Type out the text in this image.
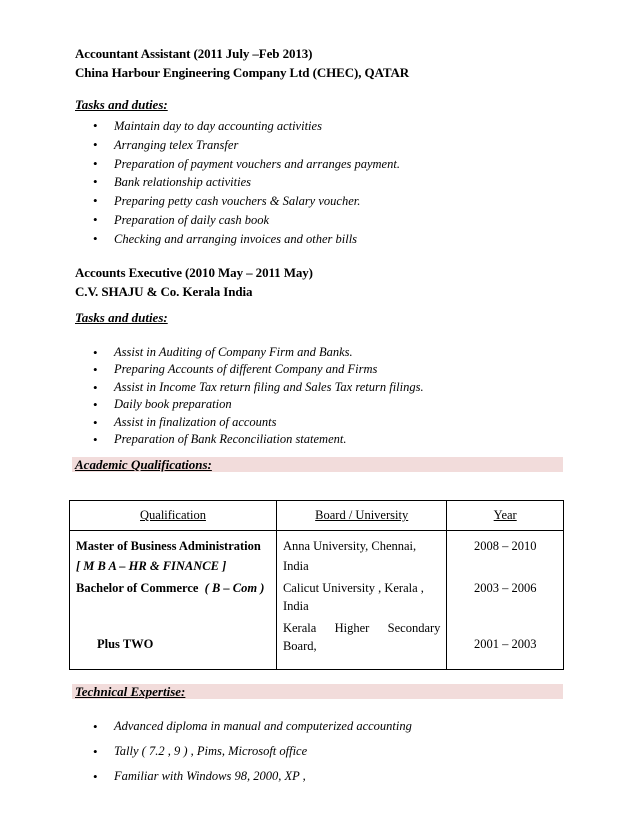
Accountant Assistant (2011 July –Feb 2013)
China Harbour Engineering Company Ltd (CHEC), QATAR
Tasks and duties:
• Maintain day to day accounting activities
• Arranging telex Transfer
• Preparation of payment vouchers and arranges payment.
• Bank relationship activities
• Preparing petty cash vouchers & Salary voucher.
• Preparation of daily cash book
• Checking and arranging invoices and other bills
Accounts Executive (2010 May – 2011 May)
C.V. SHAJU & Co. Kerala India
Tasks and duties:
• Assist in Auditing of Company Firm and Banks.
• Preparing Accounts of different Company and Firms
• Assist in Income Tax return filing and Sales Tax return filings.
• Daily book preparation
• Assist in finalization of accounts
• Preparation of Bank Reconciliation statement.
Academic Qualifications:
Qualification	Board / University	Year

Master of Business Administration
[ M B A – HR & FINANCE ]	Anna University, Chennai, India	2008 – 2010

Bachelor of Commerce ( B – Com )	Calicut University , Kerala , India	2003 – 2006

Plus TWO	Kerala Higher Secondary Board,	2001 – 2003
Technical Expertise:
• Advanced diploma in manual and computerized accounting
• Tally ( 7.2 , 9 ) , Pims, Microsoft office
• Familiar with Windows 98, 2000, XP ,
